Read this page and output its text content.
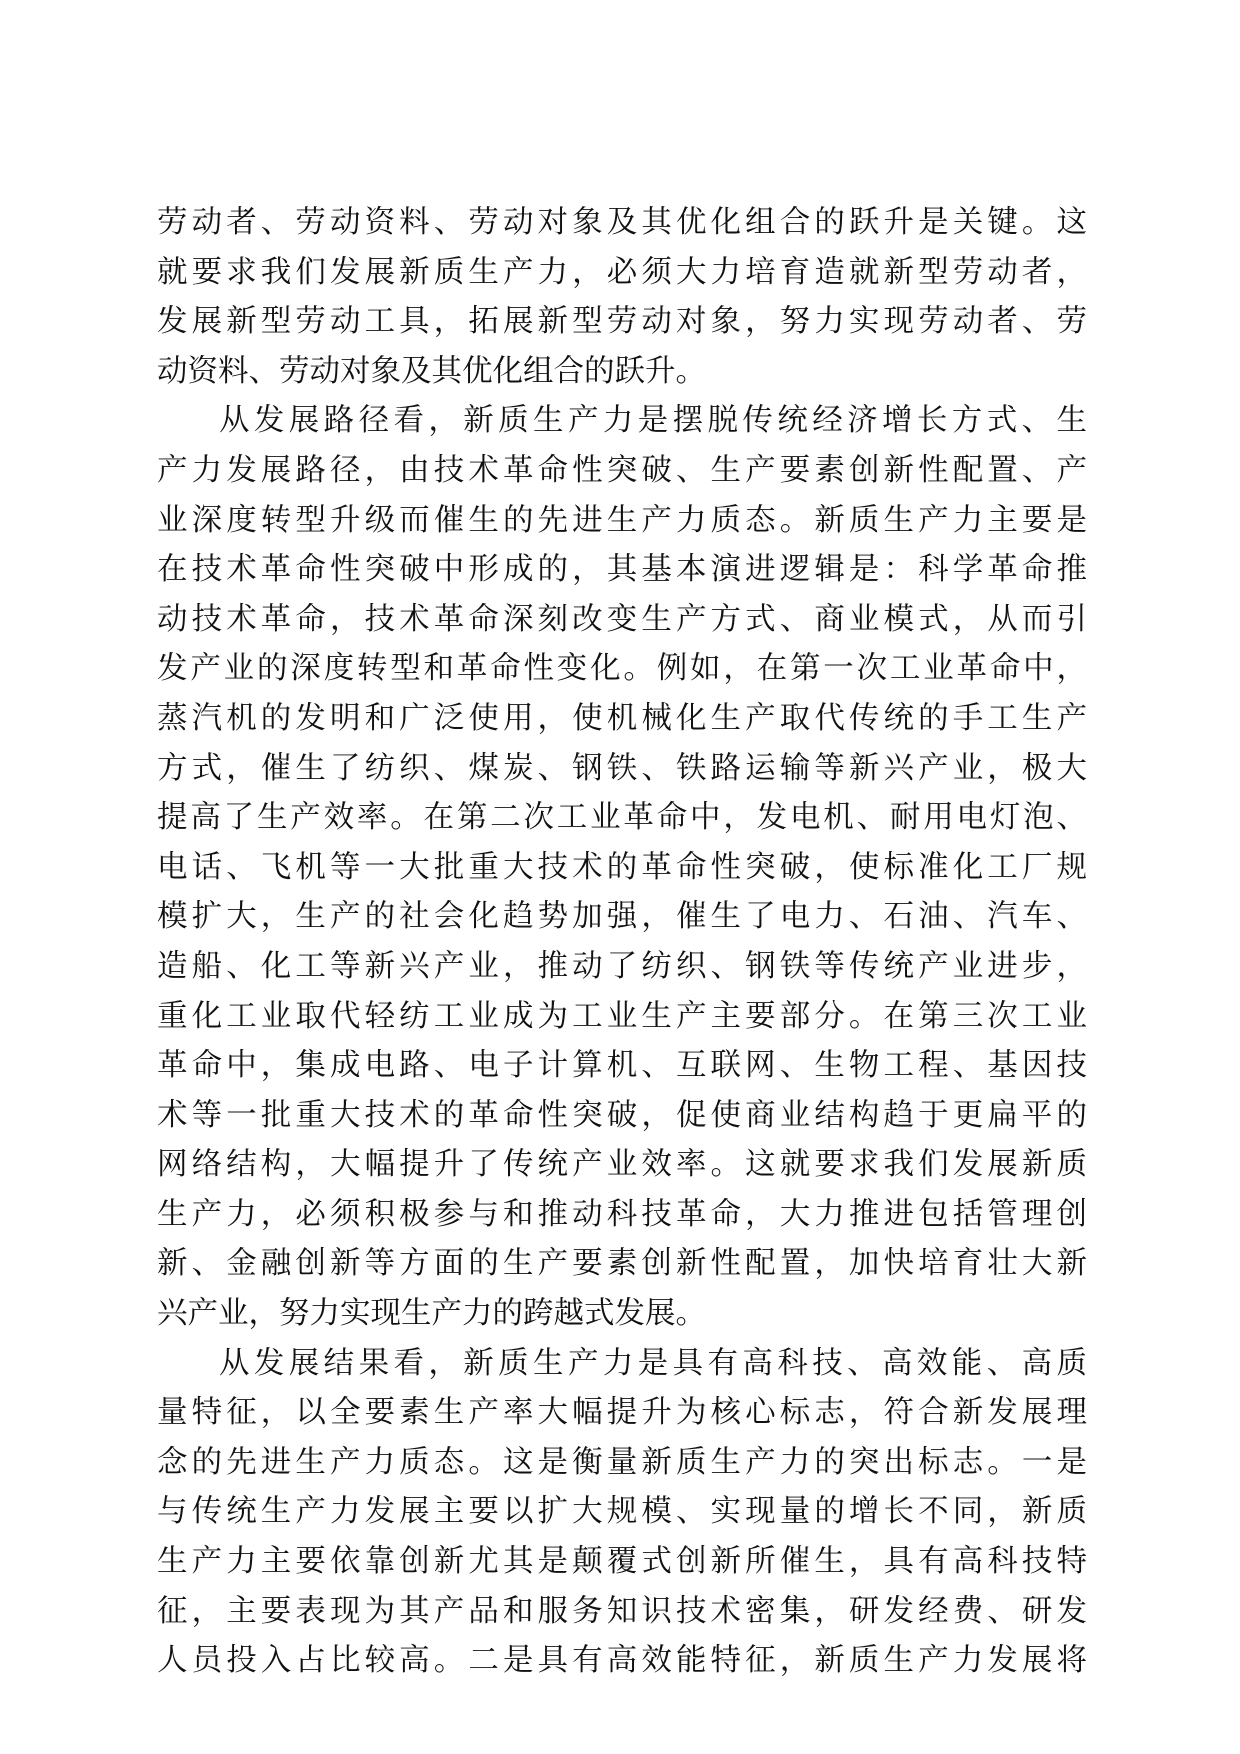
劳动者、劳动资料、劳动对象及其优化组合的跃升是关键。这
就要求我们发展新质生产力，必须大力培育造就新型劳动者，
发展新型劳动工具，拓展新型劳动对象，努力实现劳动者、劳
动资料、劳动对象及其优化组合的跃升。
从发展路径看，新质生产力是摆脱传统经济增长方式、生
产力发展路径，由技术革命性突破、生产要素创新性配置、产
业深度转型升级而催生的先进生产力质态。新质生产力主要是
在技术革命性突破中形成的，其基本演进逻辑是：科学革命推
动技术革命，技术革命深刻改变生产方式、商业模式，从而引
发产业的深度转型和革命性变化。例如，在第一次工业革命中，
蒸汽机的发明和广泛使用，使机械化生产取代传统的手工生产
方式，催生了纺织、煤炭、钢铁、铁路运输等新兴产业，极大
提高了生产效率。在第二次工业革命中，发电机、耐用电灯泡、
电话、飞机等一大批重大技术的革命性突破，使标准化工厂规
模扩大，生产的社会化趋势加强，催生了电力、石油、汽车、
造船、化工等新兴产业，推动了纺织、钢铁等传统产业进步，
重化工业取代轻纺工业成为工业生产主要部分。在第三次工业
革命中，集成电路、电子计算机、互联网、生物工程、基因技
术等一批重大技术的革命性突破，促使商业结构趋于更扁平的
网络结构，大幅提升了传统产业效率。这就要求我们发展新质
生产力，必须积极参与和推动科技革命，大力推进包括管理创
新、金融创新等方面的生产要素创新性配置，加快培育壮大新
兴产业，努力实现生产力的跨越式发展。
从发展结果看，新质生产力是具有高科技、高效能、高质
量特征，以全要素生产率大幅提升为核心标志，符合新发展理
念的先进生产力质态。这是衡量新质生产力的突出标志。一是
与传统生产力发展主要以扩大规模、实现量的增长不同，新质
生产力主要依靠创新尤其是颠覆式创新所催生，具有高科技特
征，主要表现为其产品和服务知识技术密集，研发经费、研发
人员投入占比较高。二是具有高效能特征，新质生产力发展将
